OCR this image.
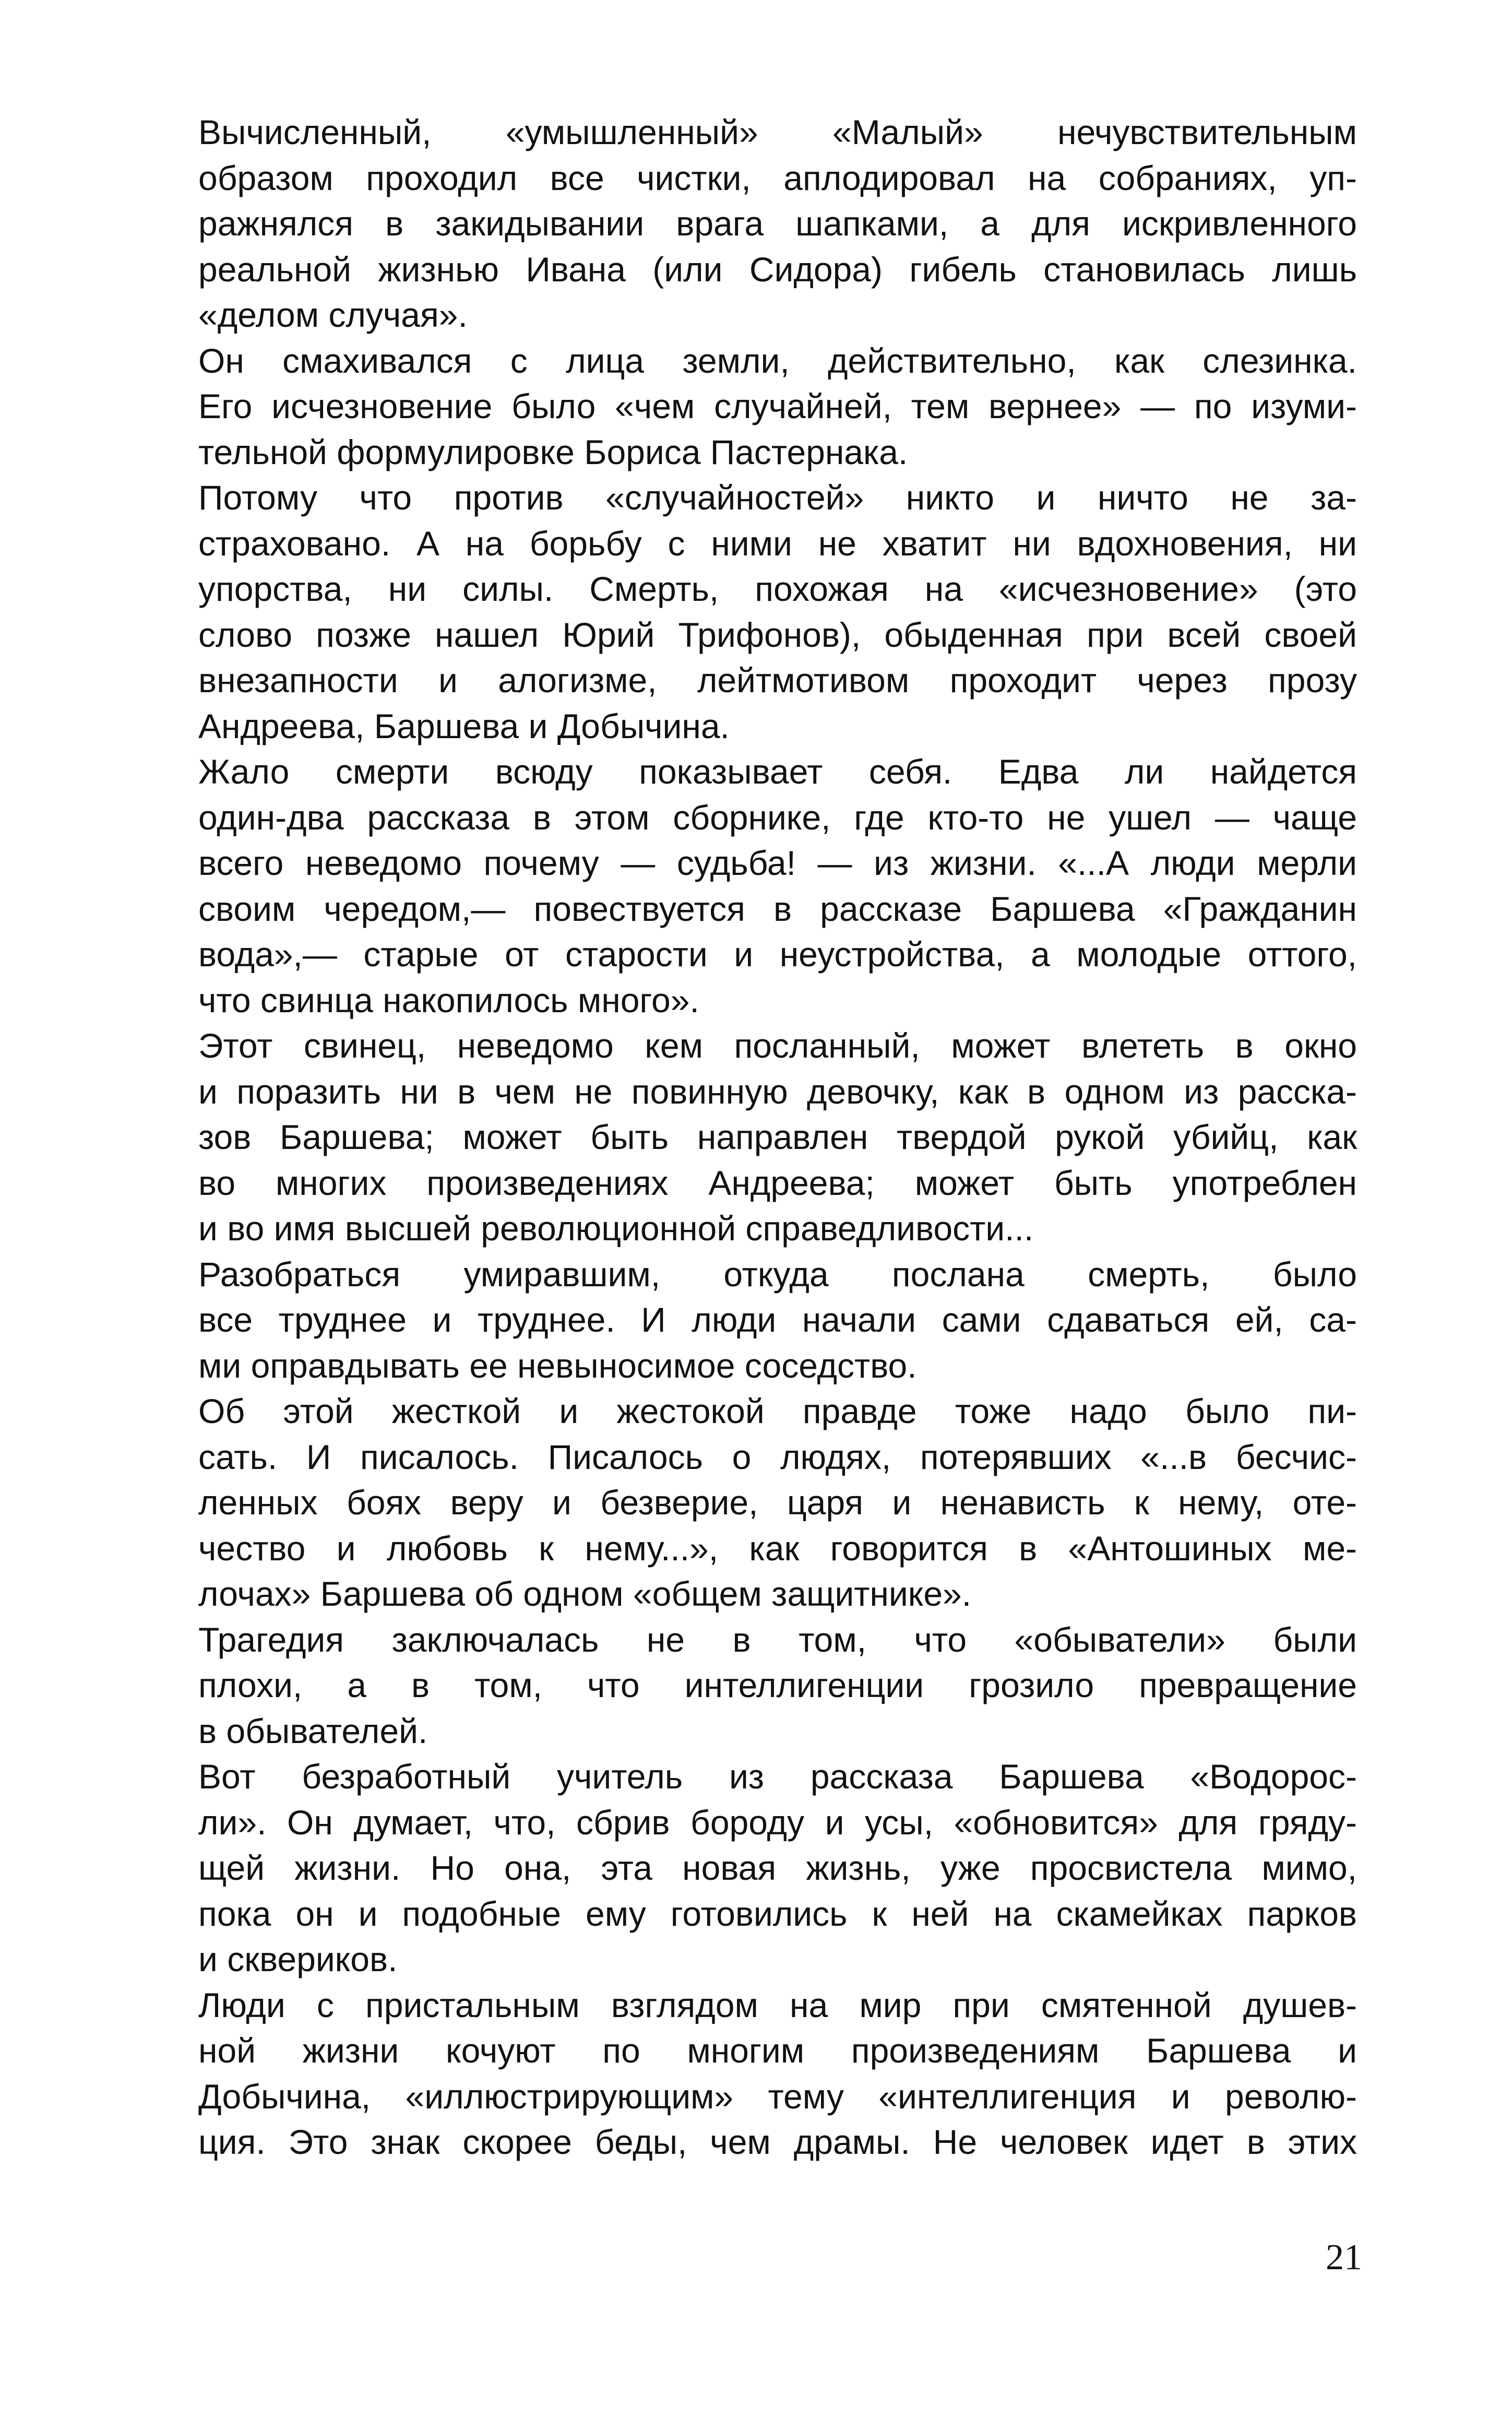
Вычисленный, «умышленный» «Малый» нечувствительным
образом проходил все чистки, аплодировал на собраниях, уп-
ражнялся в закидывании врага шапками, а для искривленного
реальной жизнью Ивана (или Сидора) гибель становилась лишь
«делом случая».
Он смахивался с лица земли, действительно, как слезинка.
Его исчезновение было «чем случайней, тем вернее» — по изуми-
тельной формулировке Бориса Пастернака.
Потому что против «случайностей» никто и ничто не за-
страховано. А на борьбу с ними не хватит ни вдохновения, ни
упорства, ни силы. Смерть, похожая на «исчезновение» (это
слово позже нашел Юрий Трифонов), обыденная при всей своей
внезапности и алогизме, лейтмотивом проходит через прозу
Андреева, Баршева и Добычина.
Жало смерти всюду показывает себя. Едва ли найдется
один-два рассказа в этом сборнике, где кто-то не ушел — чаще
всего неведомо почему — судьба! — из жизни. «...А люди мерли
своим чередом,— повествуется в рассказе Баршева «Гражданин
вода»,— старые от старости и неустройства, а молодые оттого,
что свинца накопилось много».
Этот свинец, неведомо кем посланный, может влететь в окно
и поразить ни в чем не повинную девочку, как в одном из расска-
зов Баршева; может быть направлен твердой рукой убийц, как
во многих произведениях Андреева; может быть употреблен
и во имя высшей революционной справедливости...
Разобраться умиравшим, откуда послана смерть, было
все труднее и труднее. И люди начали сами сдаваться ей, са-
ми оправдывать ее невыносимое соседство.
Об этой жесткой и жестокой правде тоже надо было пи-
сать. И писалось. Писалось о людях, потерявших «...в бесчис-
ленных боях веру и безверие, царя и ненависть к нему, оте-
чество и любовь к нему...», как говорится в «Антошиных ме-
лочах» Баршева об одном «общем защитнике».
Трагедия заключалась не в том, что «обыватели» были
плохи, а в том, что интеллигенции грозило превращение
в обывателей.
Вот безработный учитель из рассказа Баршева «Водорос-
ли». Он думает, что, сбрив бороду и усы, «обновится» для гряду-
щей жизни. Но она, эта новая жизнь, уже просвистела мимо,
пока он и подобные ему готовились к ней на скамейках парков
и сквериков.
Люди с пристальным взглядом на мир при смятенной душев-
ной жизни кочуют по многим произведениям Баршева и
Добычина, «иллюстрирующим» тему «интеллигенция и револю-
ция. Это знак скорее беды, чем драмы. Не человек идет в этих
21
